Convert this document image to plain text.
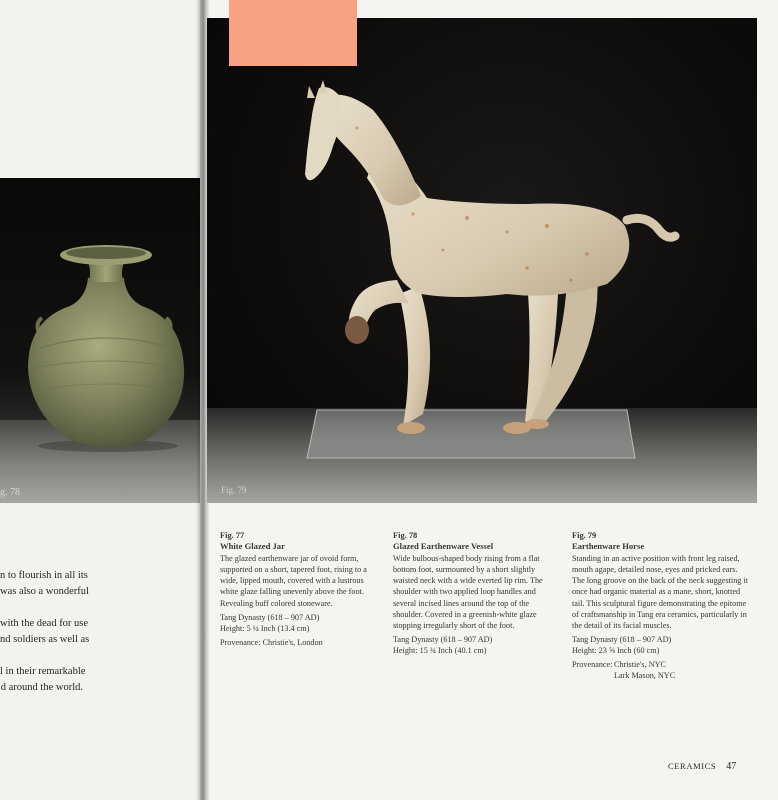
g. 78

n to flourish in all its
was also a wonderful

with the dead for use
nd soldiers as well as

l in their remarkable
d around the world.

Fig. 79
Fig. 77
White Glazed Jar
The glazed earthenware jar of ovoid form, supported on a short, tapered foot, rising to a wide, lipped mouth, covered with a lustrous white glaze falling unevenly above the foot. Revealing buff colored stoneware.
Tang Dynasty (618 – 907 AD)
Height: 5 ¼ Inch (13.4 cm)
Provenance: Christie's, London
Fig. 78
Glazed Earthenware Vessel
Wide bulbous-shaped body rising from a flat bottom foot, surmounted by a short slightly waisted neck with a wide everted lip rim. The shoulder with two applied loop handles and several incised lines around the top of the shoulder. Covered in a greenish-white glaze stopping irregularly short of the foot.
Tang Dynasty (618 – 907 AD)
Height: 15 ¾ Inch (40.1 cm)
Fig. 79
Earthenware Horse
Standing in an active position with front leg raised, mouth agape, detailed nose, eyes and pricked ears. The long groove on the back of the neck suggesting it once had organic material as a mane, short, knotted tail. This sculptural figure demonstrating the epitome of craftsmanship in Tang era ceramics, particularly in the detail of its facial muscles.
Tang Dynasty (618 – 907 AD)
Height: 23 ⅝ Inch (60 cm)
Provenance: Christie's, NYC
Lark Mason, NYC
CERAMICS 47
